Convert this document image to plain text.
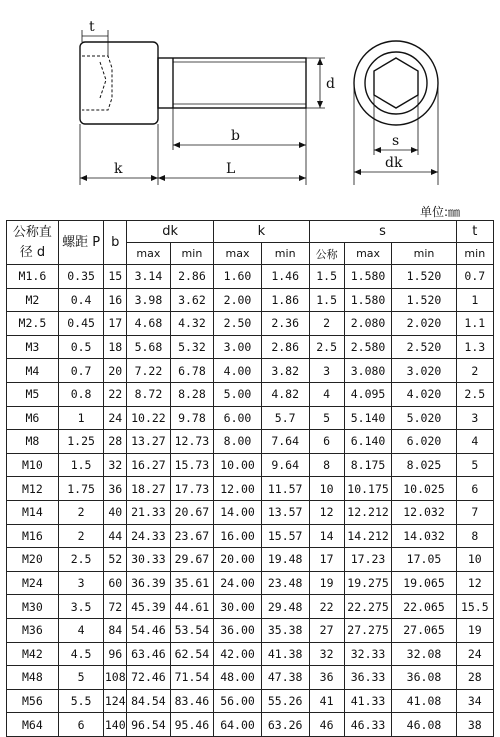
t
d
b
k	L
s
dk
单位:㎜
公称直径 d	螺距 P	b	dk		k		s			t
			max	min	max	min	公称	max	min	min
M1.6	0.35	15	3.14	2.86	1.60	1.46	1.5	1.580	1.520	0.7
M2	0.4	16	3.98	3.62	2.00	1.86	1.5	1.580	1.520	1
M2.5	0.45	17	4.68	4.32	2.50	2.36	2	2.080	2.020	1.1
M3	0.5	18	5.68	5.32	3.00	2.86	2.5	2.580	2.520	1.3
M4	0.7	20	7.22	6.78	4.00	3.82	3	3.080	3.020	2
M5	0.8	22	8.72	8.28	5.00	4.82	4	4.095	4.020	2.5
M6	1	24	10.22	9.78	6.00	5.7	5	5.140	5.020	3
M8	1.25	28	13.27	12.73	8.00	7.64	6	6.140	6.020	4
M10	1.5	32	16.27	15.73	10.00	9.64	8	8.175	8.025	5
M12	1.75	36	18.27	17.73	12.00	11.57	10	10.175	10.025	6
M14	2	40	21.33	20.67	14.00	13.57	12	12.212	12.032	7
M16	2	44	24.33	23.67	16.00	15.57	14	14.212	14.032	8
M20	2.5	52	30.33	29.67	20.00	19.48	17	17.23	17.05	10
M24	3	60	36.39	35.61	24.00	23.48	19	19.275	19.065	12
M30	3.5	72	45.39	44.61	30.00	29.48	22	22.275	22.065	15.5
M36	4	84	54.46	53.54	36.00	35.38	27	27.275	27.065	19
M42	4.5	96	63.46	62.54	42.00	41.38	32	32.33	32.08	24
M48	5	108	72.46	71.54	48.00	47.38	36	36.33	36.08	28
M56	5.5	124	84.54	83.46	56.00	55.26	41	41.33	41.08	34
M64	6	140	96.54	95.46	64.00	63.26	46	46.33	46.08	38
